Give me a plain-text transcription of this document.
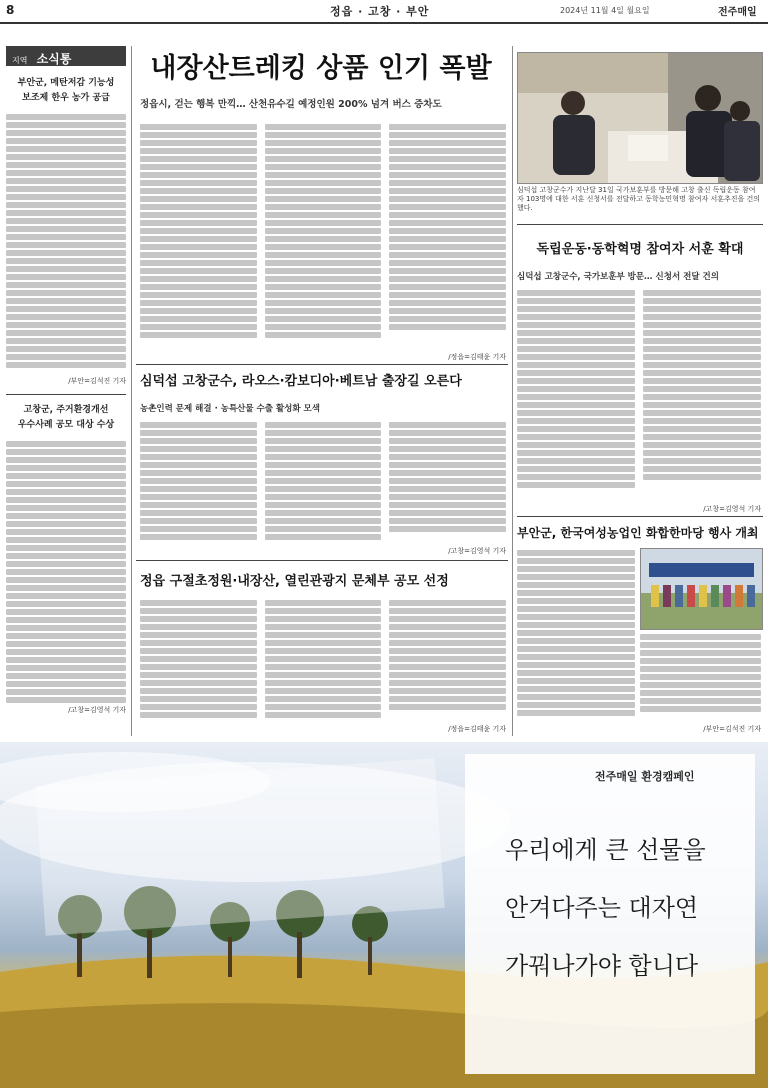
8	정읍 · 고창 · 부안	2024년 11월 4일 월요일	전주매일
지역 소식통
부안군, 메탄저감 기능성
보조제 한우 농가 공급
/부안=김석진 기자
고창군, 주거환경개선
우수사례 공모 대상 수상
/고창=김영석 기자
내장산트레킹 상품 인기 폭발
정읍시, 걷는 행복 만끽… 산천유수길 예정인원 200% 넘겨 버스 증차도
/정읍=김태윤 기자
심덕섭 고창군수, 라오스·캄보디아·베트남 출장길 오른다
농촌인력 문제 해결 · 농특산물 수출 활성화 모색
/고창=김영석 기자
정읍 구절초정원·내장산, 열린관광지 문체부 공모 선정
/정읍=김태윤 기자
심덕섭 고창군수가 지난달 31일 국가보훈부를 방문해 고창 출신 독립운동 참여자 103명에 대한 서훈 신청서를 전달하고 동학농민혁명 참여자 서훈추진을 건의했다.
독립운동·동학혁명 참여자 서훈 확대
심덕섭 고창군수, 국가보훈부 방문… 신청서 전달 건의
/고창=김영석 기자
부안군, 한국여성농업인 화합한마당 행사 개최
/부안=김석진 기자
전주매일 환경캠페인
우리에게 큰 선물을
안겨다주는 대자연
가꿔나가야 합니다
